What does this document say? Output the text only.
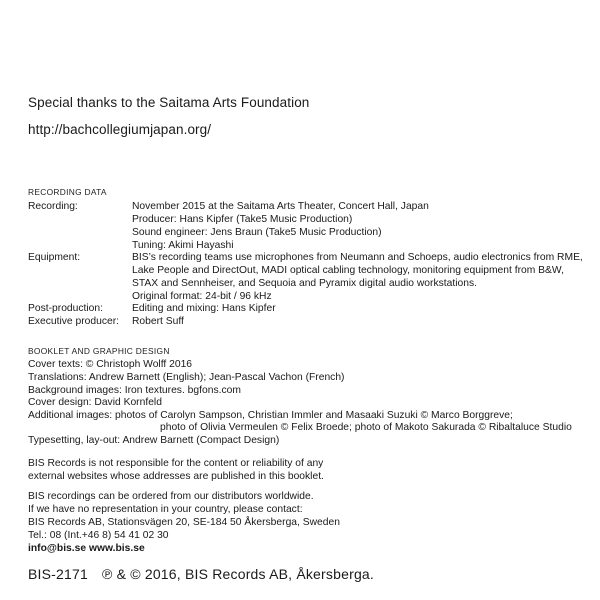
Special thanks to the Saitama Arts Foundation
http://bachcollegiumjapan.org/
RECORDING DATA
Recording:	November 2015 at the Saitama Arts Theater, Concert Hall, Japan
Producer: Hans Kipfer (Take5 Music Production)
Sound engineer: Jens Braun (Take5 Music Production)
Tuning: Akimi Hayashi
Equipment:	BIS’s recording teams use microphones from Neumann and Schoeps, audio electronics from RME,
Lake People and DirectOut, MADI optical cabling technology, monitoring equipment from B&W,
STAX and Sennheiser, and Sequoia and Pyramix digital audio workstations.
Original format: 24-bit / 96 kHz
Post-production:	Editing and mixing: Hans Kipfer
Executive producer: Robert Suff
BOOKLET AND GRAPHIC DESIGN
Cover texts: © Christoph Wolff 2016
Translations: Andrew Barnett (English); Jean-Pascal Vachon (French)
Background images: Iron textures. bgfons.com
Cover design: David Kornfeld
Additional images: photos of Carolyn Sampson, Christian Immler and Masaaki Suzuki © Marco Borggreve;
photo of Olivia Vermeulen © Felix Broede; photo of Makoto Sakurada © Ribaltaluce Studio
Typesetting, lay-out: Andrew Barnett (Compact Design)
BIS Records is not responsible for the content or reliability of any
external websites whose addresses are published in this booklet.
BIS recordings can be ordered from our distributors worldwide.
If we have no representation in your country, please contact:
BIS Records AB, Stationsvägen 20, SE-184 50 Åkersberga, Sweden
Tel.: 08 (Int.+46 8) 54 41 02 30
info@bis.se www.bis.se
BIS-2171 ℗ & © 2016, BIS Records AB, Åkersberga.
